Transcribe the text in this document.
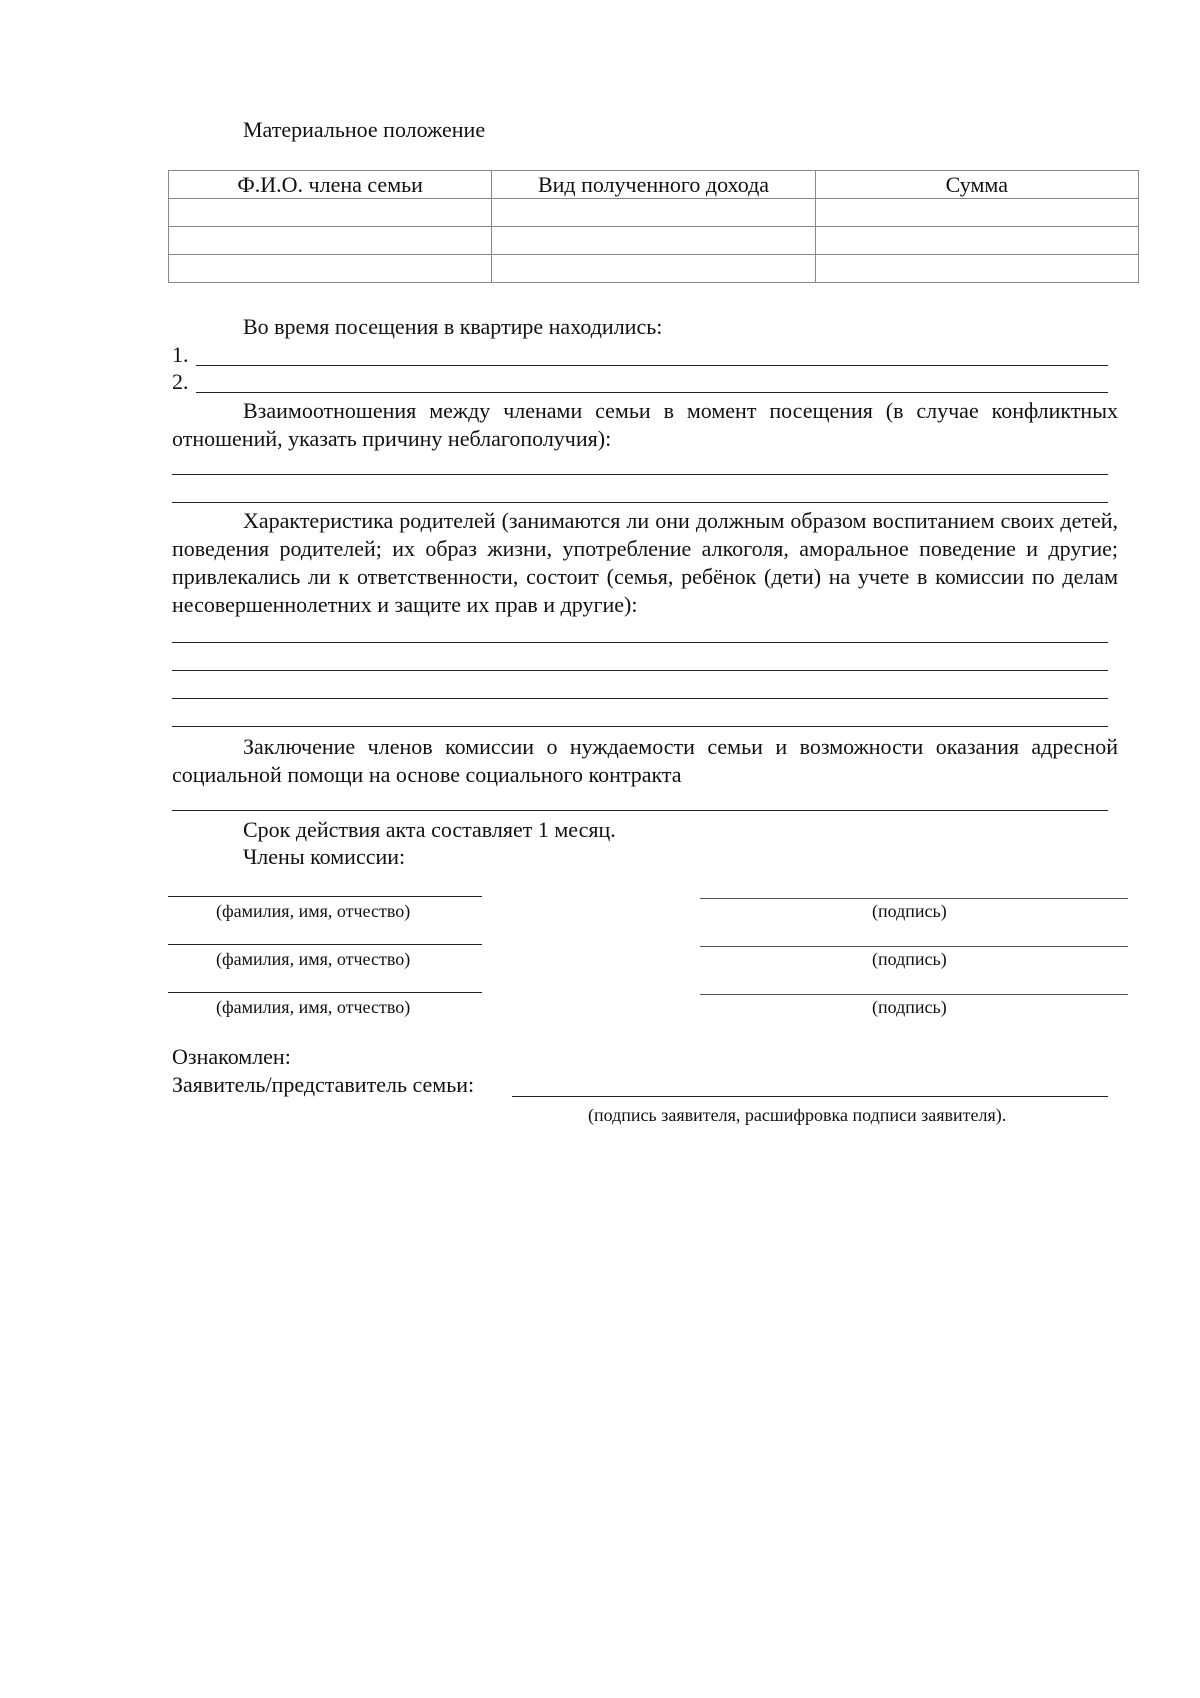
Материальное положение
Ф.И.О. члена семьи	Вид полученного дохода	Сумма

Во время посещения в квартире находились:
1.
2.
Взаимоотношения между членами семьи в момент посещения (в случае конфликтных отношений, указать причину неблагополучия):
Характеристика родителей (занимаются ли они должным образом воспитанием своих детей, поведения родителей; их образ жизни, употребление алкоголя, аморальное поведение и другие; привлекались ли к ответственности, состоит (семья, ребёнок (дети) на учете в комиссии по делам несовершеннолетних и защите их прав и другие):
Заключение членов комиссии о нуждаемости семьи и возможности оказания адресной социальной помощи на основе социального контракта
Срок действия акта составляет 1 месяц.
Члены комиссии:
(фамилия, имя, отчество)	(подпись)
(фамилия, имя, отчество)	(подпись)
(фамилия, имя, отчество)	(подпись)
Ознакомлен:
Заявитель/представитель семьи:
(подпись заявителя, расшифровка подписи заявителя).
